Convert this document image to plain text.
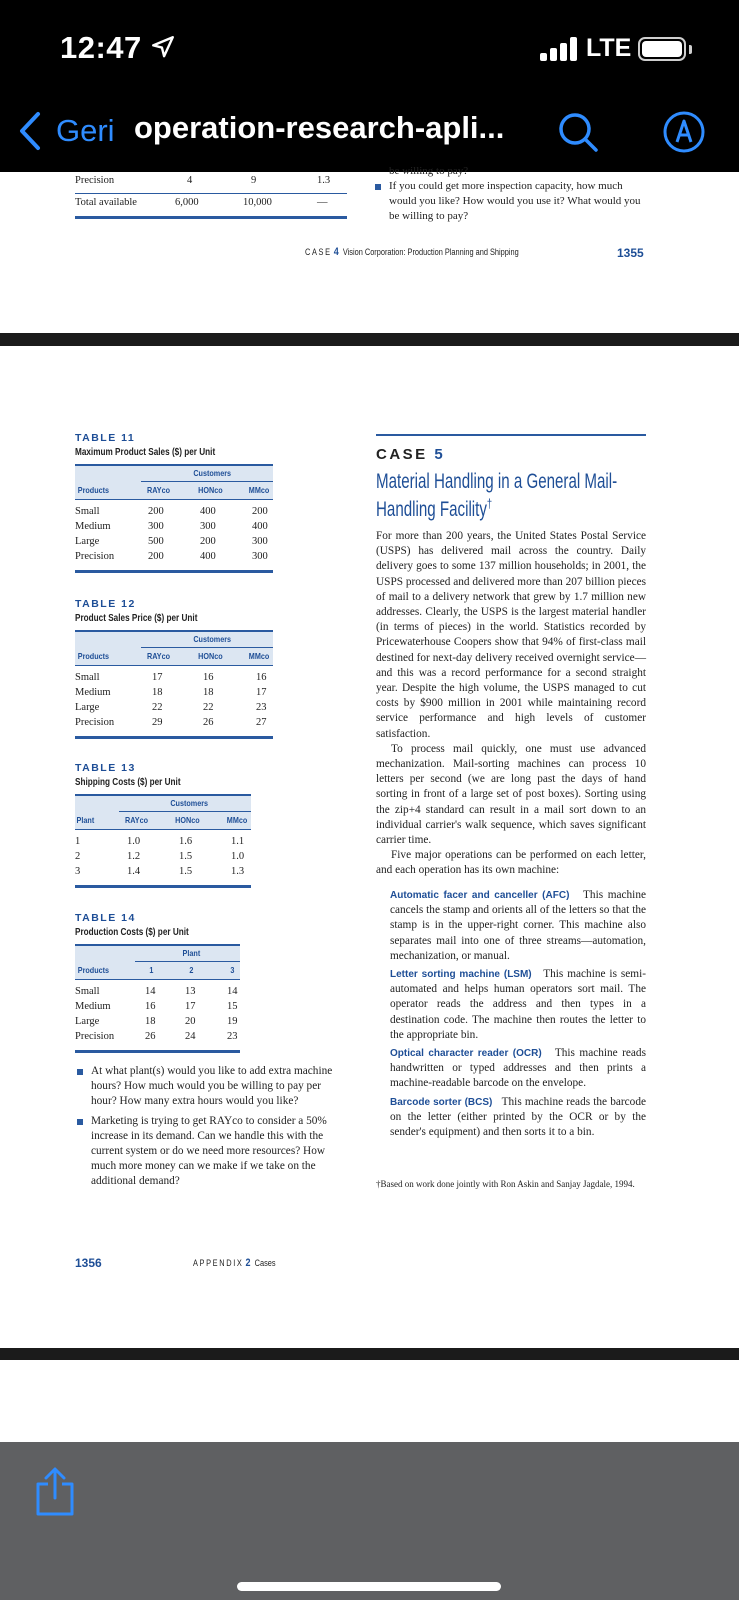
12:47	LTE
Geri operation-research-apli...
Precision	4	9	1.3
Total available	6,000	10,000	—
be willing to pay?
If you could get more inspection capacity, how much would you like? How would you use it? What would you be willing to pay?
CASE 4 Vision Corporation: Production Planning and Shipping	1355
TABLE 11
Maximum Product Sales ($) per Unit
Customers
Products	RAYco	HONco	MMco
Small	200	400	200
Medium	300	300	400
Large	500	200	300
Precision	200	400	300
TABLE 12
Product Sales Price ($) per Unit
Customers
Products	RAYco	HONco	MMco
Small	17	16	16
Medium	18	18	17
Large	22	22	23
Precision	29	26	27
TABLE 13
Shipping Costs ($) per Unit
Customers
Plant	RAYco	HONco	MMco
1	1.0	1.6	1.1
2	1.2	1.5	1.0
3	1.4	1.5	1.3
TABLE 14
Production Costs ($) per Unit
Plant
Products	1	2	3
Small	14	13	14
Medium	16	17	15
Large	18	20	19
Precision	26	24	23
At what plant(s) would you like to add extra machine hours? How much would you be willing to pay per hour? How many extra hours would you like?
Marketing is trying to get RAYco to consider a 50% increase in its demand. Can we handle this with the current system or do we need more resources? How much more money can we make if we take on the additional demand?
CASE 5
Material Handling in a General Mail-Handling Facility†

For more than 200 years, the United States Postal Service (USPS) has delivered mail across the country. Daily delivery goes to some 137 million households; in 2001, the USPS processed and delivered more than 207 billion pieces of mail to a delivery network that grew by 1.7 million new addresses. Clearly, the USPS is the largest material handler (in terms of pieces) in the world. Statistics recorded by Pricewaterhouse Coopers show that 94% of first-class mail destined for next-day delivery received overnight service—and this was a record performance for a second straight year. Despite the high volume, the USPS managed to cut costs by $900 million in 2001 while maintaining record service performance and high levels of customer satisfaction.

To process mail quickly, one must use advanced mechanization. Mail-sorting machines can process 10 letters per second (we are long past the days of hand sorting in front of a large set of post boxes). Sorting using the zip+4 standard can result in a mail sort down to an individual carrier's walk sequence, which saves significant carrier time.

Five major operations can be performed on each letter, and each operation has its own machine:

Automatic facer and canceller (AFC) This machine cancels the stamp and orients all of the letters so that the stamp is in the upper-right corner. This machine also separates mail into one of three streams—automation, mechanization, or manual.
Letter sorting machine (LSM) This machine is semi-automated and helps human operators sort mail. The operator reads the address and then types in a destination code. The machine then routes the letter to the appropriate bin.
Optical character reader (OCR) This machine reads handwritten or typed addresses and then prints a machine-readable barcode on the envelope.
Barcode sorter (BCS) This machine reads the barcode on the letter (either printed by the OCR or by the sender's equipment) and then sorts it to a bin.
†Based on work done jointly with Ron Askin and Sanjay Jagdale, 1994.
1356	APPENDIX 2 Cases
